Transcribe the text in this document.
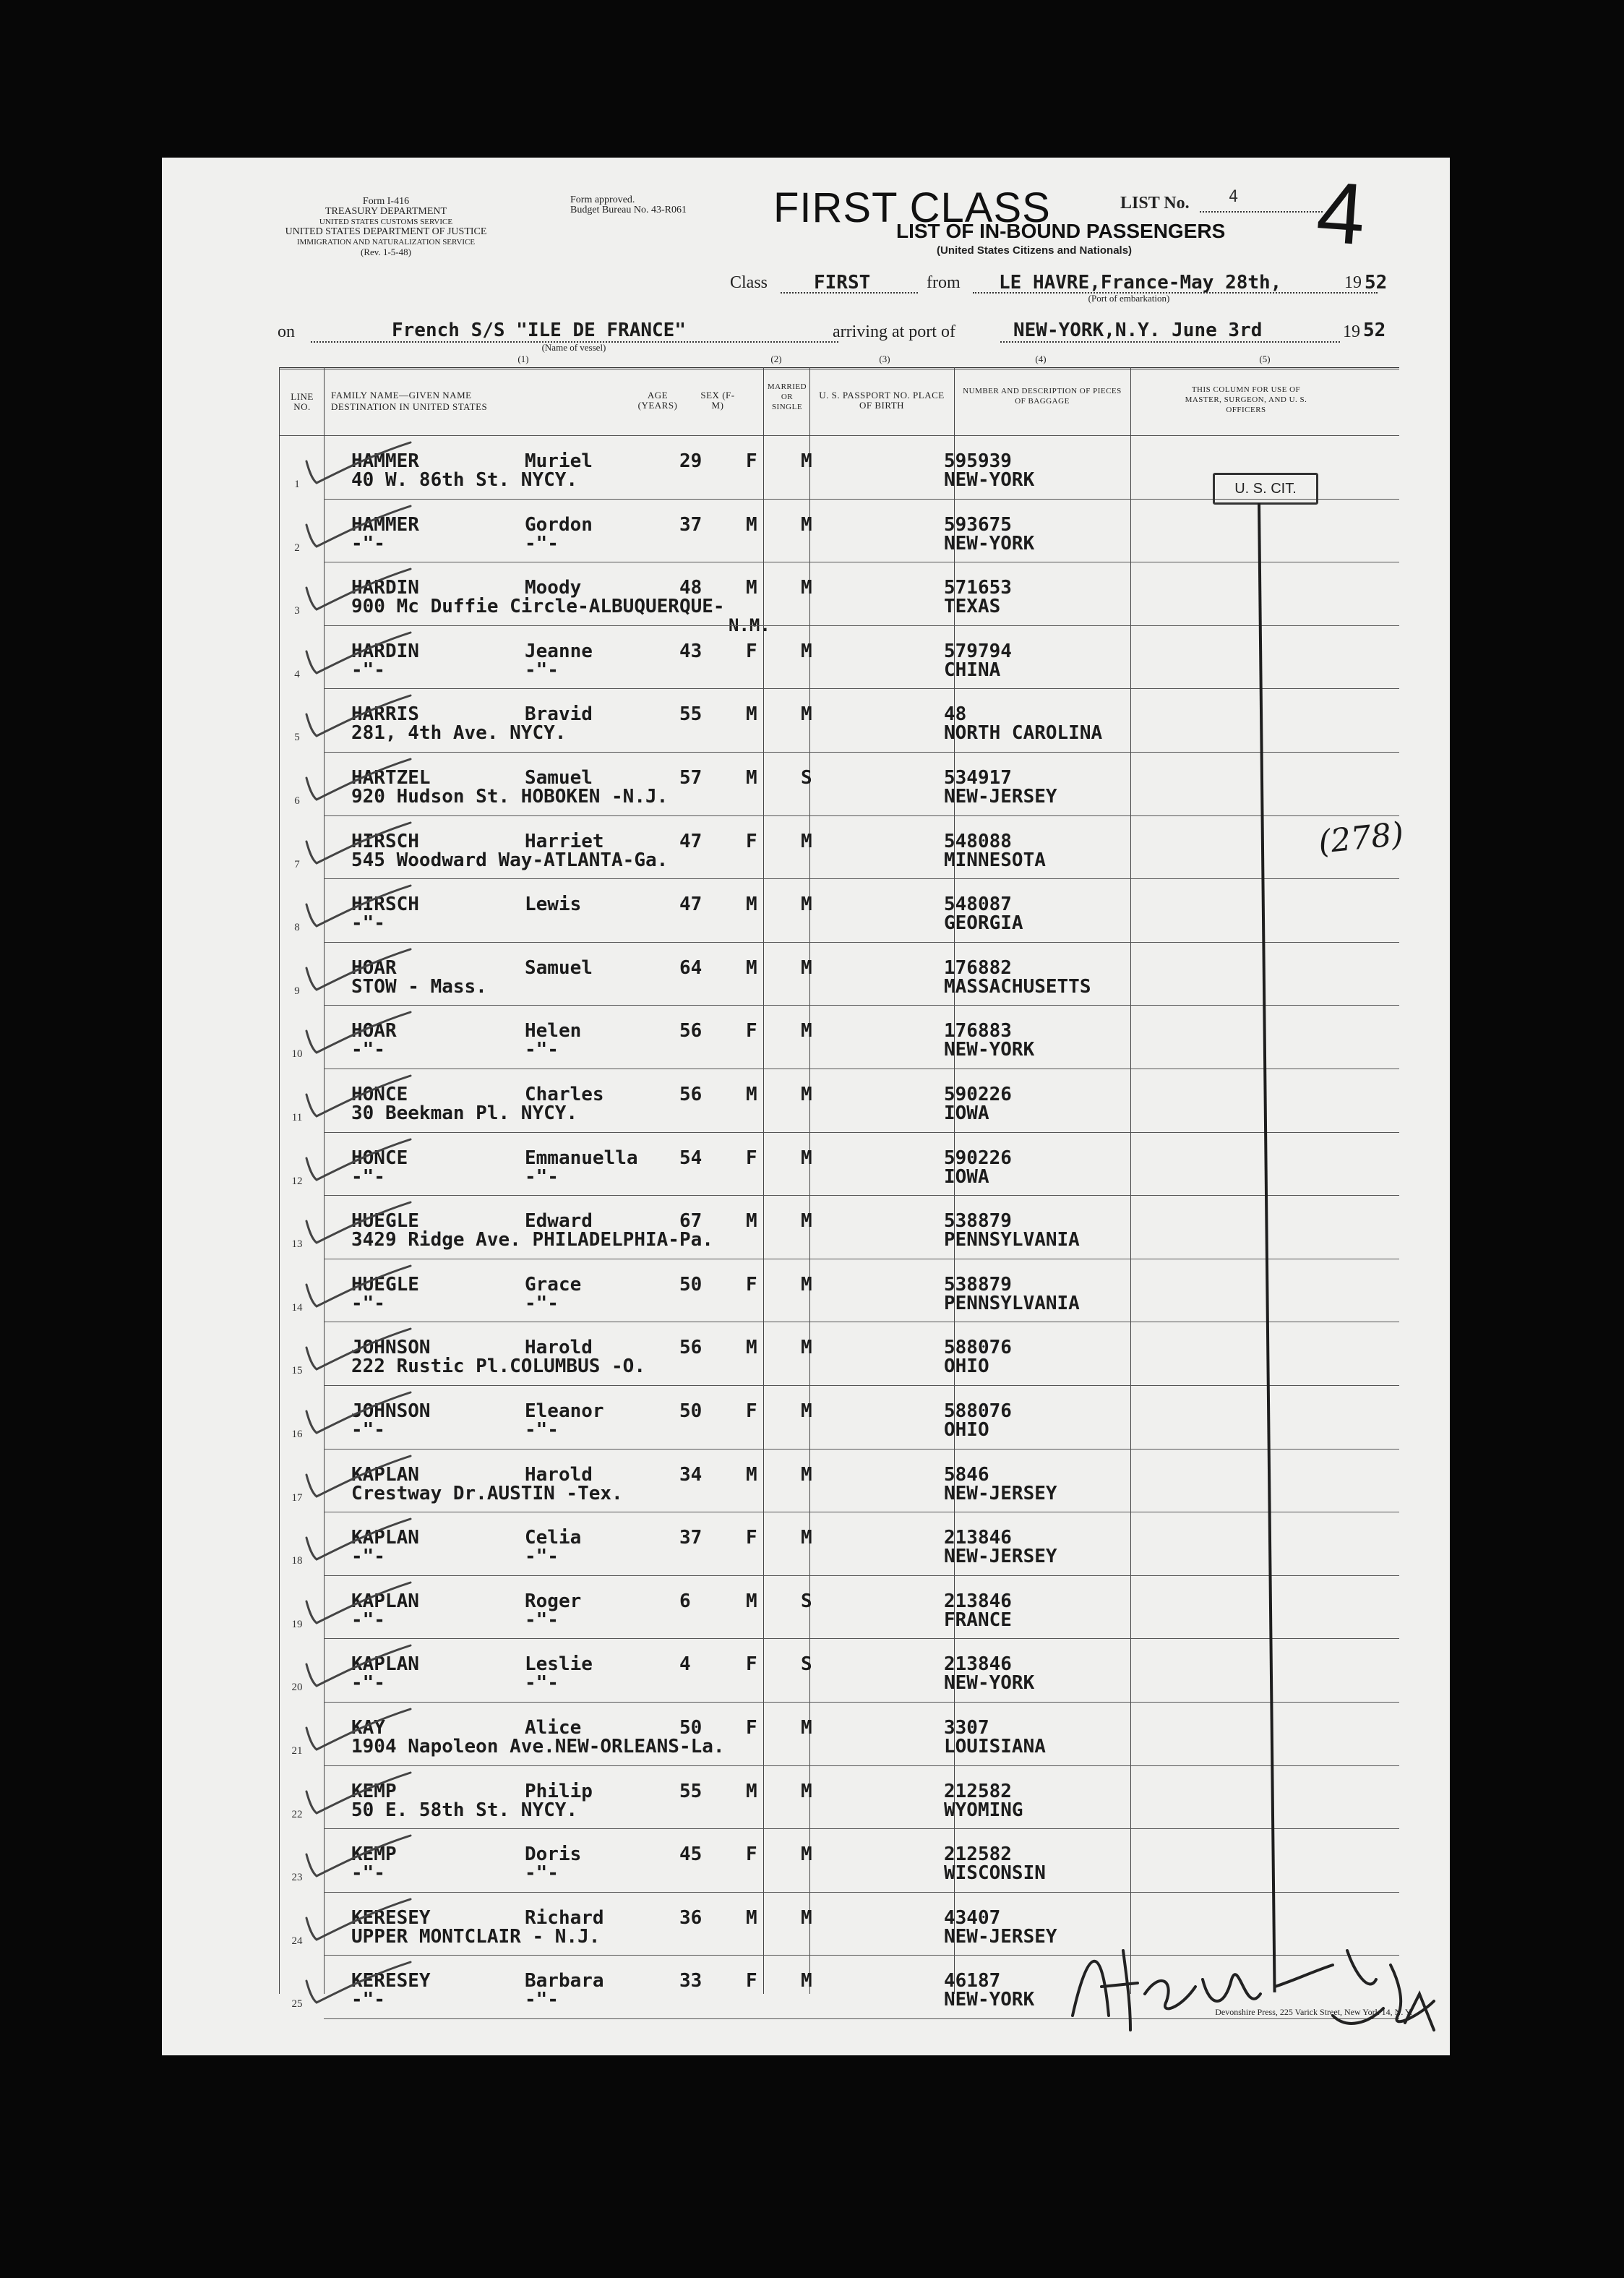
Form I-416
TREASURY DEPARTMENT
UNITED STATES CUSTOMS SERVICE
UNITED STATES DEPARTMENT OF JUSTICE
IMMIGRATION AND NATURALIZATION SERVICE
(Rev. 1-5-48)
Form approved.
Budget Bureau No. 43-R061	FIRST CLASS
LIST OF IN-BOUND PASSENGERS
(United States Citizens and Nationals)
LIST No. 4 4
Class FIRST	from LE HAVRE,France-May 28th,	19 52
(Port of embarkation)
on	French S/S "ILE DE FRANCE"
(Name of vessel)
arriving at port of	NEW-YORK,N.Y. June 3rd	19 52
(1)	(2)	(3)	(4)	(5)
LINE NO.
FAMILY NAME—GIVEN NAME
DESTINATION IN UNITED STATES
AGE (YEARS)
SEX (F-M)
MARRIED OR SINGLE
U. S. PASSPORT NO. PLACE OF BIRTH
NUMBER AND DESCRIPTION OF PIECES OF BAGGAGE
THIS COLUMN FOR USE OF MASTER, SURGEON, AND U. S. OFFICERS
1
HAMMER	Muriel
40 W. 86th St. NYCY.
29 F M	595939
NEW-YORK
2
HAMMER	Gordon
-"-	-"-
37 M M	593675
NEW-YORK
3
HARDIN	Moody
900 Mc Duffie Circle-ALBUQUERQUE-
N.M.
48 M M	571653
TEXAS
4
HARDIN	Jeanne
-"-	-"-
43 F M	579794
CHINA
5
HARRIS	Bravid
281, 4th Ave. NYCY.
55 M M	48
NORTH CAROLINA
6
HARTZEL	Samuel
920 Hudson St. HOBOKEN -N.J.
57 M S	534917
NEW-JERSEY
7
HIRSCH	Harriet
545 Woodward Way-ATLANTA-Ga.
47 F M	548088
MINNESOTA
8
HIRSCH	Lewis
-"-
47 M M	548087
GEORGIA
9
HOAR	Samuel
STOW - Mass.
64 M M	176882
MASSACHUSETTS
10
HOAR	Helen
-"-	-"-
56 F M	176883
NEW-YORK
11
HONCE	Charles
30 Beekman Pl. NYCY.
56 M M	590226
IOWA
12
HONCE	Emmanuella
-"-	-"-
54 F M	590226
IOWA
13
HUEGLE	Edward
3429 Ridge Ave. PHILADELPHIA-Pa.
67 M M	538879
PENNSYLVANIA
14
HUEGLE	Grace
-"-	-"-
50 F M	538879
PENNSYLVANIA
15
JOHNSON	Harold
222 Rustic Pl.COLUMBUS -O.
56 M M	588076
OHIO
16
JOHNSON	Eleanor
-"-	-"-
50 F M	588076
OHIO
17
KAPLAN	Harold
Crestway Dr.AUSTIN -Tex.
34 M M	5846
NEW-JERSEY
18
KAPLAN	Celia
-"-	-"-
37 F M	213846
NEW-JERSEY
19
KAPLAN	Roger
-"-	-"-
6	M S	213846
FRANCE
20
KAPLAN	Leslie
-"-	-"-
4	F S	213846
NEW-YORK
21
KAY	Alice
1904 Napoleon Ave.NEW-ORLEANS-La.
50 F M	3307
LOUISIANA
22
KEMP	Philip
50 E. 58th St. NYCY.
55 M M	212582
WYOMING
23
KEMP	Doris
-"-	-"-
45 F M	212582
WISCONSIN
24
KERESEY	Richard
UPPER MONTCLAIR - N.J.
36 M M	43407
NEW-JERSEY
25
KERESEY	Barbara
-"-	-"-
33 F M	46187
NEW-YORK
U. S. CIT.
(278)
Devonshire Press, 225 Varick Street, New York 14, N. Y.
